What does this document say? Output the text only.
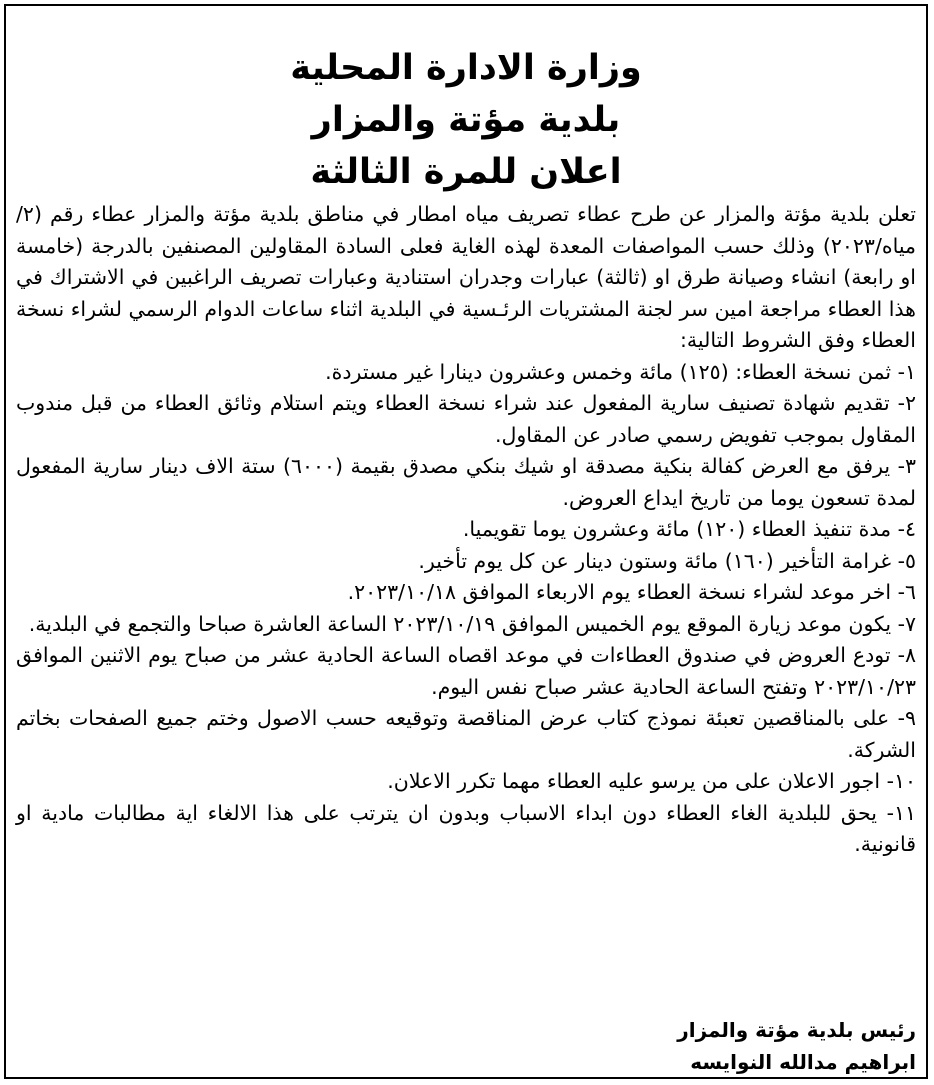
وزارة الادارة المحلية
بلدية مؤتة والمزار
اعلان للمرة الثالثة

تعلن بلدية مؤتة والمزار عن طرح عطاء تصريف مياه امطار في مناطق بلدية مؤتة والمزار عطاء رقم (٢/مياه/٢٠٢٣) وذلك حسب المواصفات المعدة لهذه الغاية فعلى السادة المقاولين المصنفين بالدرجة (خامسة او رابعة) انشاء وصيانة طرق او (ثالثة) عبارات وجدران استنادية وعبارات تصريف الراغبين في الاشتراك في هذا العطاء مراجعة امين سر لجنة المشتريات الرئـسية في البلدية اثناء ساعات الدوام الرسمي لشراء نسخة العطاء وفق الشروط التالية:

١- ثمن نسخة العطاء: (١٢٥) مائة وخمس وعشرون دينارا غير مستردة.

٢- تقديم شهادة تصنيف سارية المفعول عند شراء نسخة العطاء ويتم استلام وثائق العطاء من قبل مندوب المقاول بموجب تفويض رسمي صادر عن المقاول.

٣- يرفق مع العرض كفالة بنكية مصدقة او شيك بنكي مصدق بقيمة (٦٠٠٠) ستة الاف دينار سارية المفعول لمدة تسعون يوما من تاريخ ايداع العروض.

٤- مدة تنفيذ العطاء (١٢٠) مائة وعشرون يوما تقويميا.

٥- غرامة التأخير (١٦٠) مائة وستون دينار عن كل يوم تأخير.

٦- اخر موعد لشراء نسخة العطاء يوم الاربعاء الموافق ٢٠٢٣/١٠/١٨.

٧- يكون موعد زيارة الموقع يوم الخميس الموافق ٢٠٢٣/١٠/١٩ الساعة العاشرة صباحا والتجمع في البلدية.

٨- تودع العروض في صندوق العطاءات في موعد اقصاه الساعة الحادية عشر من صباح يوم الاثنين الموافق ٢٠٢٣/١٠/٢٣ وتفتح الساعة الحادية عشر صباح نفس اليوم.

٩- على بالمناقصين تعبئة نموذج كتاب عرض المناقصة وتوقيعه حسب الاصول وختم جميع الصفحات بخاتم الشركة.

١٠- اجور الاعلان على من يرسو عليه العطاء مهما تكرر الاعلان.

١١- يحق للبلدية الغاء العطاء دون ابداء الاسباب وبدون ان يترتب على هذا الالغاء اية مطالبات مادية او قانونية.

رئيس بلدية مؤتة والمزار
ابراهيم مدالله النوايسه
